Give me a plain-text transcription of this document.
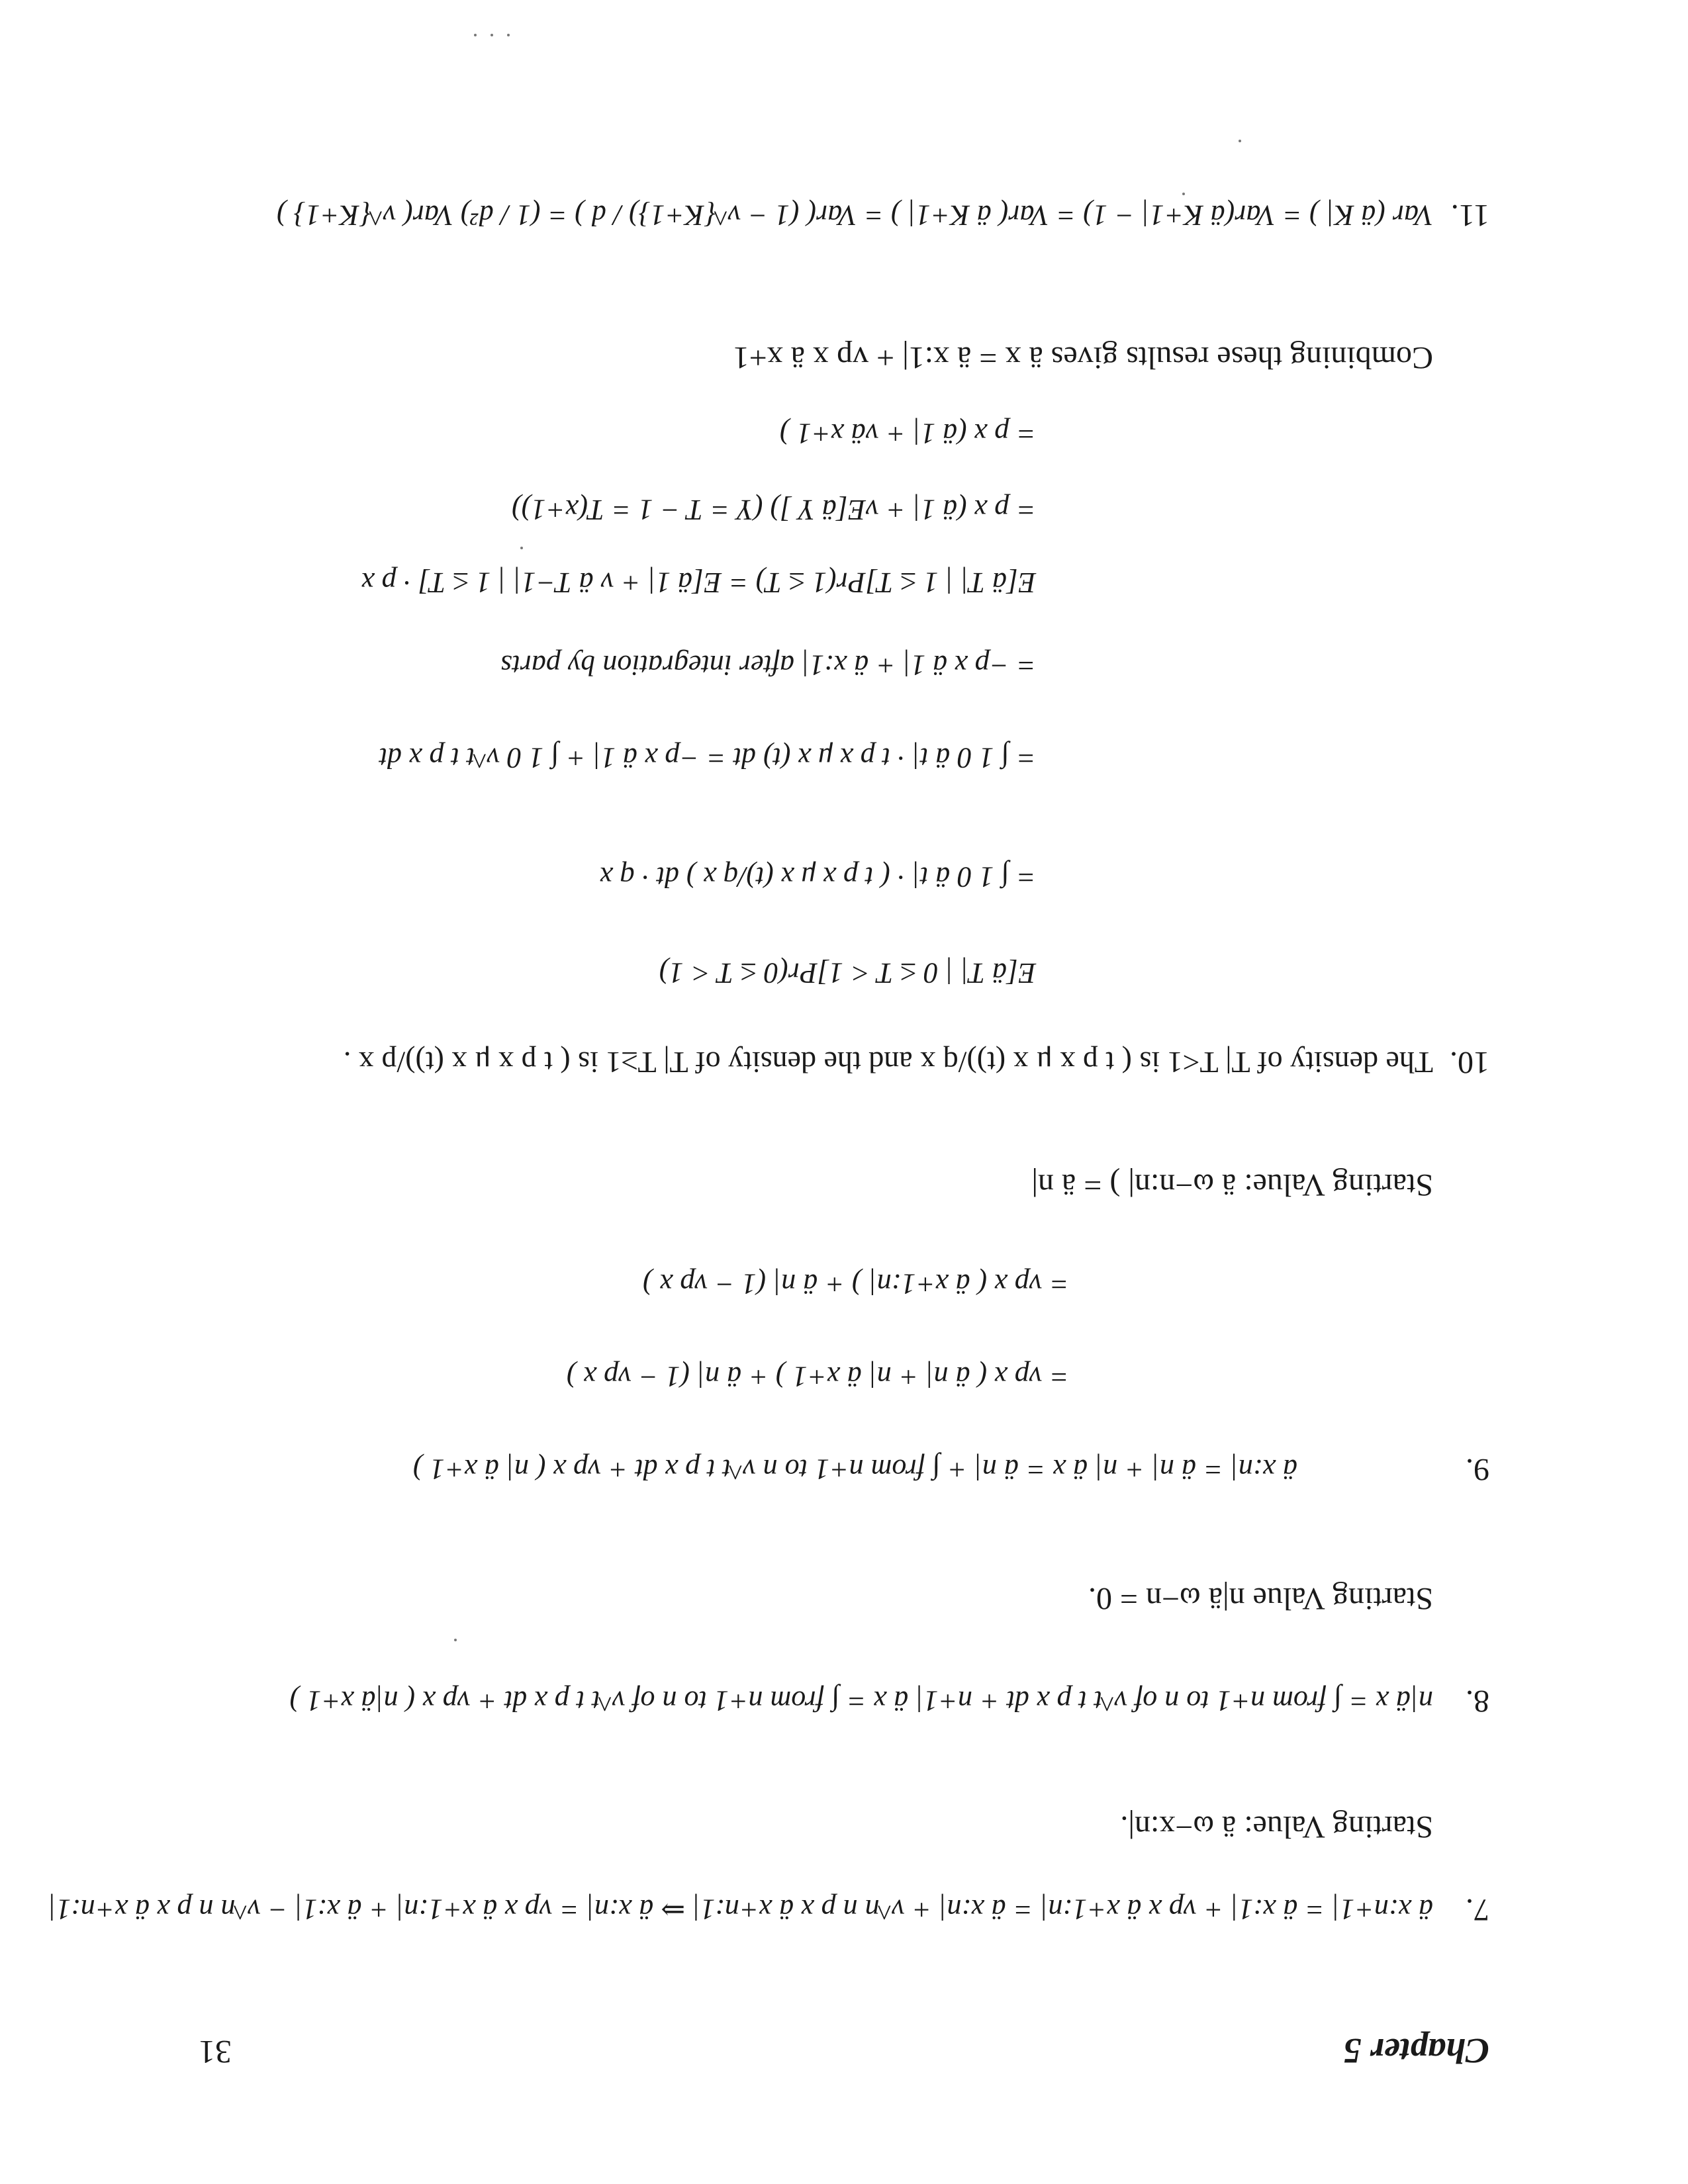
Chapter 5
31
7.
ä x:n+1| = ä x:1| + vp x ä x+1:n| = ä x:n| + v^n n p x ä x+n:1| ⇒ ä x:n| = vp x ä x+1:n| + ä x:1| − v^n n p x ä x+n:1|
Starting Value: ä ω−x:n|.
8.
n|ä x = ∫ from n+1 to n of v^t t p x dt + n+1| ä x = ∫ from n+1 to n of v^t t p x dt + vp x ( n|ä x+1 )
Starting Value n|ä ω−n = 0.
9.
ä x:n| = ä n| + n| ä x = ä n| + ∫ from n+1 to n v^t t p x dt + vp x ( n| ä x+1 )
= vp x ( ä n| + n| ä x+1 ) + ä n| (1 − vp x )
= vp x ( ä x+1:n| ) + ä n| (1 − vp x )
Starting Value: ä ω−n:n| ) = ä n|
10.
The density of T| T<1 is ( t p x μ x (t))/q x and the density of T| T≥1 is ( t p x μ x (t))/p x .
E[ä T| | 0 ≤ T < 1]Pr(0 ≤ T < 1)
= ∫ 1 0 ä t| · ( t p x μ x (t)/q x ) dt · q x
= ∫ 1 0 ä t| · t p x μ x (t) dt = −p x ä 1| + ∫ 1 0 v^t t p x dt
= −p x ä 1| + ä x:1| after integration by parts
E[ä T| | 1 ≤ T]Pr(1 ≤ T) = E[ä 1| + v ä T−1| | 1 ≤ T] · p x
= p x (ä 1| + vE[ä Y ]) (Y = T − 1 = T(x+1))
= p x (ä 1| + vä x+1 )
Combining these results gives ä x = ä x:1| + vp x ä x+1
11.
Var (ä K| ) = Var(ä K+1| − 1) = Var( ä K+1| ) = Var( (1 − v^{K+1}) / d ) = (1 / d²) Var( v^{K+1} )
